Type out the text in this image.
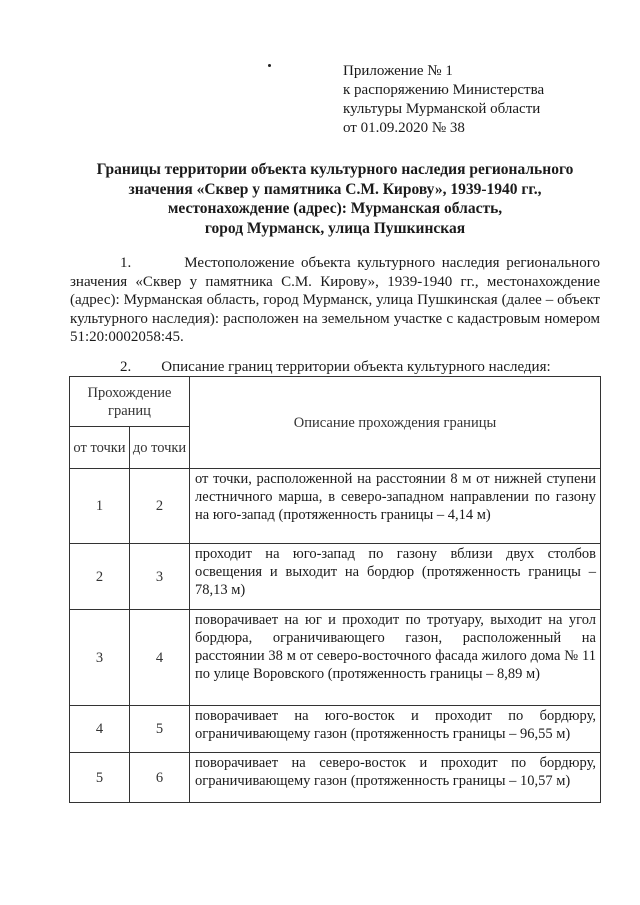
Приложение № 1
к распоряжению Министерства
культуры Мурманской области
от 01.09.2020 № 38
Границы территории объекта культурного наследия регионального
значения «Сквер у памятника С.М. Кирову», 1939-1940 гг.,
местонахождение (адрес): Мурманская область,
город Мурманск, улица Пушкинская
1.	Местоположение объекта культурного наследия регионального значения «Сквер у памятника С.М. Кирову», 1939-1940 гг., местонахождение (адрес): Мурманская область, город Мурманск, улица Пушкинская (далее – объект культурного наследия): расположен на земельном участке с кадастровым номером 51:20:0002058:45.
2. Описание границ территории объекта культурного наследия:
Прохождение границ		Описание прохождения границы
от точки	до точки	
1	2	от точки, расположенной на расстоянии 8 м от нижней ступени лестничного марша, в северо-западном направлении по газону на юго-запад (протяженность границы – 4,14 м)
2	3	проходит на юго-запад по газону вблизи двух столбов освещения и выходит на бордюр (протяженность границы – 78,13 м)
3	4	поворачивает на юг и проходит по тротуару, выходит на угол бордюра, ограничивающего газон, расположенный на расстоянии 38 м от северо-восточного фасада жилого дома № 11 по улице Воровского (протяженность границы – 8,89 м)
4	5	поворачивает на юго-восток и проходит по бордюру, ограничивающему газон (протяженность границы – 96,55 м)
5	6	поворачивает на северо-восток и проходит по бордюру, ограничивающему газон (протяженность границы – 10,57 м)
